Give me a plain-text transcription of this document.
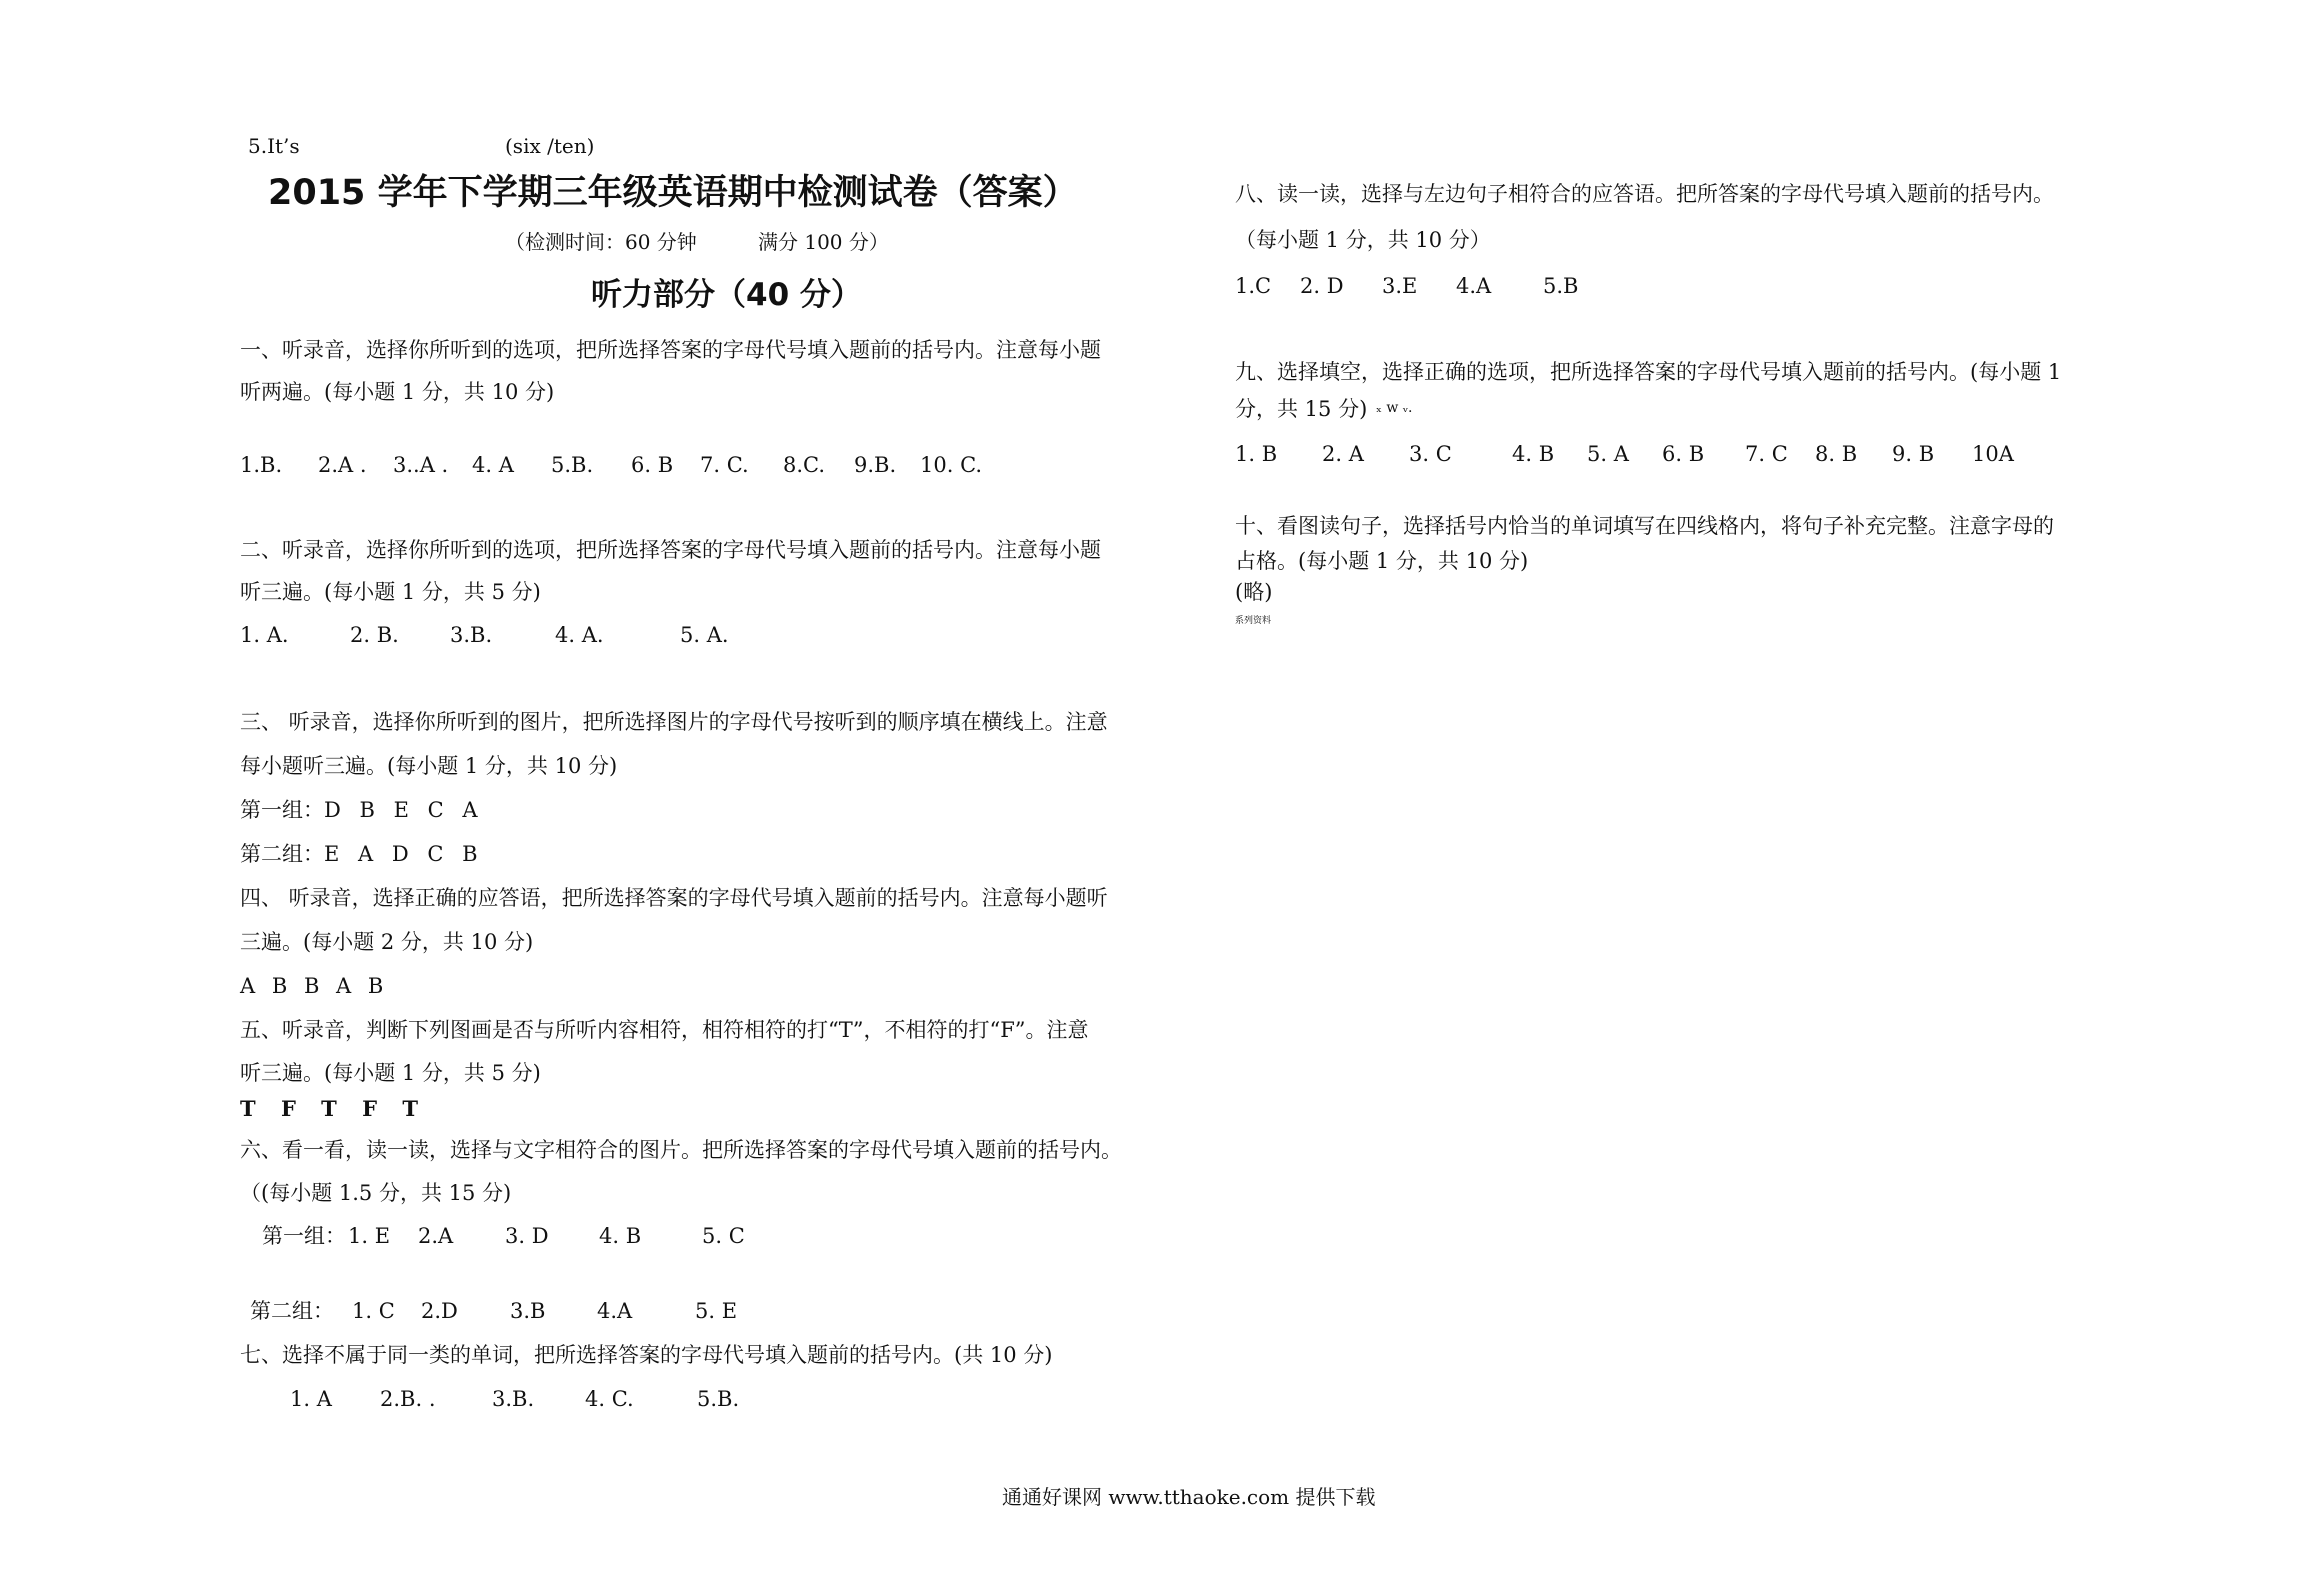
5.It’s	(six /ten)
2015 学年下学期三年级英语期中检测试卷（答案）
（检测时间：60 分钟	满分 100 分）
听力部分（40 分）
一、听录音，选择你所听到的选项，把所选择答案的字母代号填入题前的括号内。注意每小题
听两遍。(每小题 1 分，共 10 分)
1.B. 2.A . 3..A . 4. A 5.B. 6. B 7. C. 8.C. 9.B. 10. C.
二、听录音，选择你所听到的选项，把所选择答案的字母代号填入题前的括号内。注意每小题
听三遍。(每小题 1 分，共 5 分)
1. A.	2. B. 3.B.	4. A.	5. A.
三、 听录音，选择你所听到的图片，把所选择图片的字母代号按听到的顺序填在横线上。注意
每小题听三遍。(每小题 1 分，共 10 分)
第一组：D B E C A
第二组：E A D C B
四、 听录音，选择正确的应答语，把所选择答案的字母代号填入题前的括号内。注意每小题听
三遍。(每小题 2 分，共 10 分)
A B B A B
五、听录音，判断下列图画是否与所听内容相符，相符相符的打“T”，不相符的打“F”。注意
听三遍。(每小题 1 分，共 5 分)
T F T F T
六、看一看，读一读，选择与文字相符合的图片。把所选择答案的字母代号填入题前的括号内。
（(每小题 1.5 分，共 15 分)
第一组： 1. E 2.A 3. D 4. B	5. C
第二组： 1. C 2.D 3.B 4.A	5. E
七、选择不属于同一类的单词，把所选择答案的字母代号填入题前的括号内。(共 10 分)
1. A 2.B. .	3.B. 4. C.	5.B.
八、读一读，选择与左边句子相符合的应答语。把所答案的字母代号填入题前的括号内。
（每小题 1 分，共 10 分）
1.C 2. D 3.E 4.A 5.B
九、选择填空，选择正确的选项，把所选择答案的字母代号填入题前的括号内。(每小题 1
分，共 15 分) ₓ w ᵥ.
1. B 2. A 3. C	4. B 5. A 6. B 7. C 8. B 9. B 10A
十、看图读句子，选择括号内恰当的单词填写在四线格内，将句子补充完整。注意字母的
占格。(每小题 1 分，共 10 分)
(略)
系列资料
通通好课网 www.tthaoke.com 提供下载
